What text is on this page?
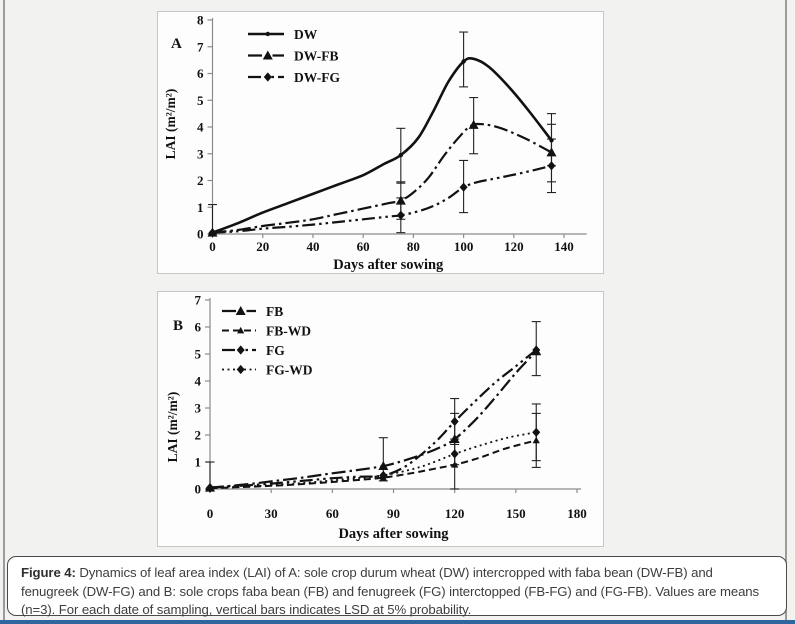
0	20	40	60	80	100 120 140
0
1
2
3
4
5
6
7
8
Days after sowing
LAI (m²/m²)
A
DW
DW-FB
DW-FG
0	30	60	90	120	150	180
0
1
2
3
4
5
6
7
Days after sowing
LAI (m²/m²)
B
FB
FB-WD
FG
FG-WD
Figure 4: Dynamics of leaf area index (LAI) of A: sole crop durum wheat (DW) intercropped with faba bean (DW-FB) and fenugreek (DW-FG) and B: sole crops faba bean (FB) and fenugreek (FG) interctopped (FB-FG) and (FG-FB). Values are means (n=3). For each date of sampling, vertical bars indicates LSD at 5% probability.
